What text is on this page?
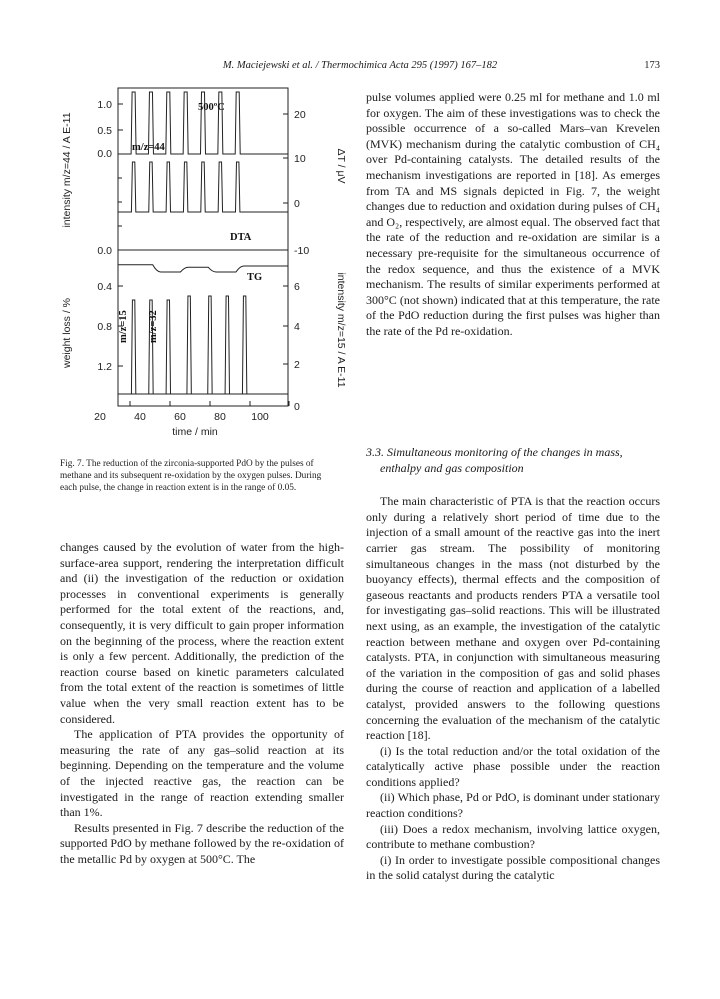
M. Maciejewski et al. / Thermochimica Acta 295 (1997) 167–182	173
intensity m/z=44 / A E-11
weight loss / %
ΔT / μV
intensity m/z=15 / A E-11
1.0
0.5
0.0
0.0
0.4
0.8
1.2
20
10
0
-10
6
4
2
0
20	40	60	80 100
time / min
500ºC
m/z=44
DTA
TG
m/z=15 m/z=32
Fig. 7. The reduction of the zirconia-supported PdO by the pulses of methane and its subsequent re-oxidation by the oxygen pulses. During each pulse, the change in reaction extent is in the range of 0.05.

changes caused by the evolution of water from the high-surface-area support, rendering the interpretation difficult and (ii) the investigation of the reduction or oxidation processes in conventional experiments is generally performed for the total extent of the reactions, and, consequently, it is very difficult to gain proper information on the beginning of the process, where the reaction extent is only a few percent. Additionally, the prediction of the reaction course based on kinetic parameters calculated from the total extent of the reaction is sometimes of little value when the very small reaction extent has to be considered.

The application of PTA provides the opportunity of measuring the rate of any gas–solid reaction at its beginning. Depending on the temperature and the volume of the injected reactive gas, the reaction can be investigated in the range of reaction extending smaller than 1%.

Results presented in Fig. 7 describe the reduction of the supported PdO by methane followed by the re-oxidation of the metallic Pd by oxygen at 500°C. The

pulse volumes applied were 0.25 ml for methane and 1.0 ml for oxygen. The aim of these investigations was to check the possible occurrence of a so-called Mars–van Krevelen (MVK) mechanism during the catalytic combustion of CH₄ over Pd-containing catalysts. The detailed results of the mechanism investigations are reported in [18]. As emerges from TA and MS signals depicted in Fig. 7, the weight changes due to reduction and oxidation during pulses of CH₄ and O₂, respectively, are almost equal. The observed fact that the rate of the reduction and re-oxidation are similar is a necessary pre-requisite for the simultaneous occurrence of the redox sequence, and thus the existence of a MVK mechanism. The results of similar experiments performed at 300°C (not shown) indicated that at this temperature, the rate of the PdO reduction during the first pulses was higher than the rate of the Pd re-oxidation.

3.3. Simultaneous monitoring of the changes in mass, enthalpy and gas composition

The main characteristic of PTA is that the reaction occurs only during a relatively short period of time due to the injection of a small amount of the reactive gas into the inert carrier gas stream. The possibility of monitoring simultaneous changes in the mass (not disturbed by the buoyancy effects), thermal effects and the composition of gaseous reactants and products renders PTA a versatile tool for investigating gas–solid reactions. This will be illustrated next using, as an example, the investigation of the catalytic reaction between methane and oxygen over Pd-containing catalysts. PTA, in conjunction with simultaneous measuring of the variation in the composition of gas and solid phases during the course of reaction and application of a labelled catalyst, provided answers to the following questions concerning the evaluation of the mechanism of the catalytic reaction [18].

(i) Is the total reduction and/or the total oxidation of the catalytically active phase possible under the reaction conditions applied?

(ii) Which phase, Pd or PdO, is dominant under stationary reaction conditions?

(iii) Does a redox mechanism, involving lattice oxygen, contribute to methane combustion?

(i) In order to investigate possible compositional changes in the solid catalyst during the catalytic
